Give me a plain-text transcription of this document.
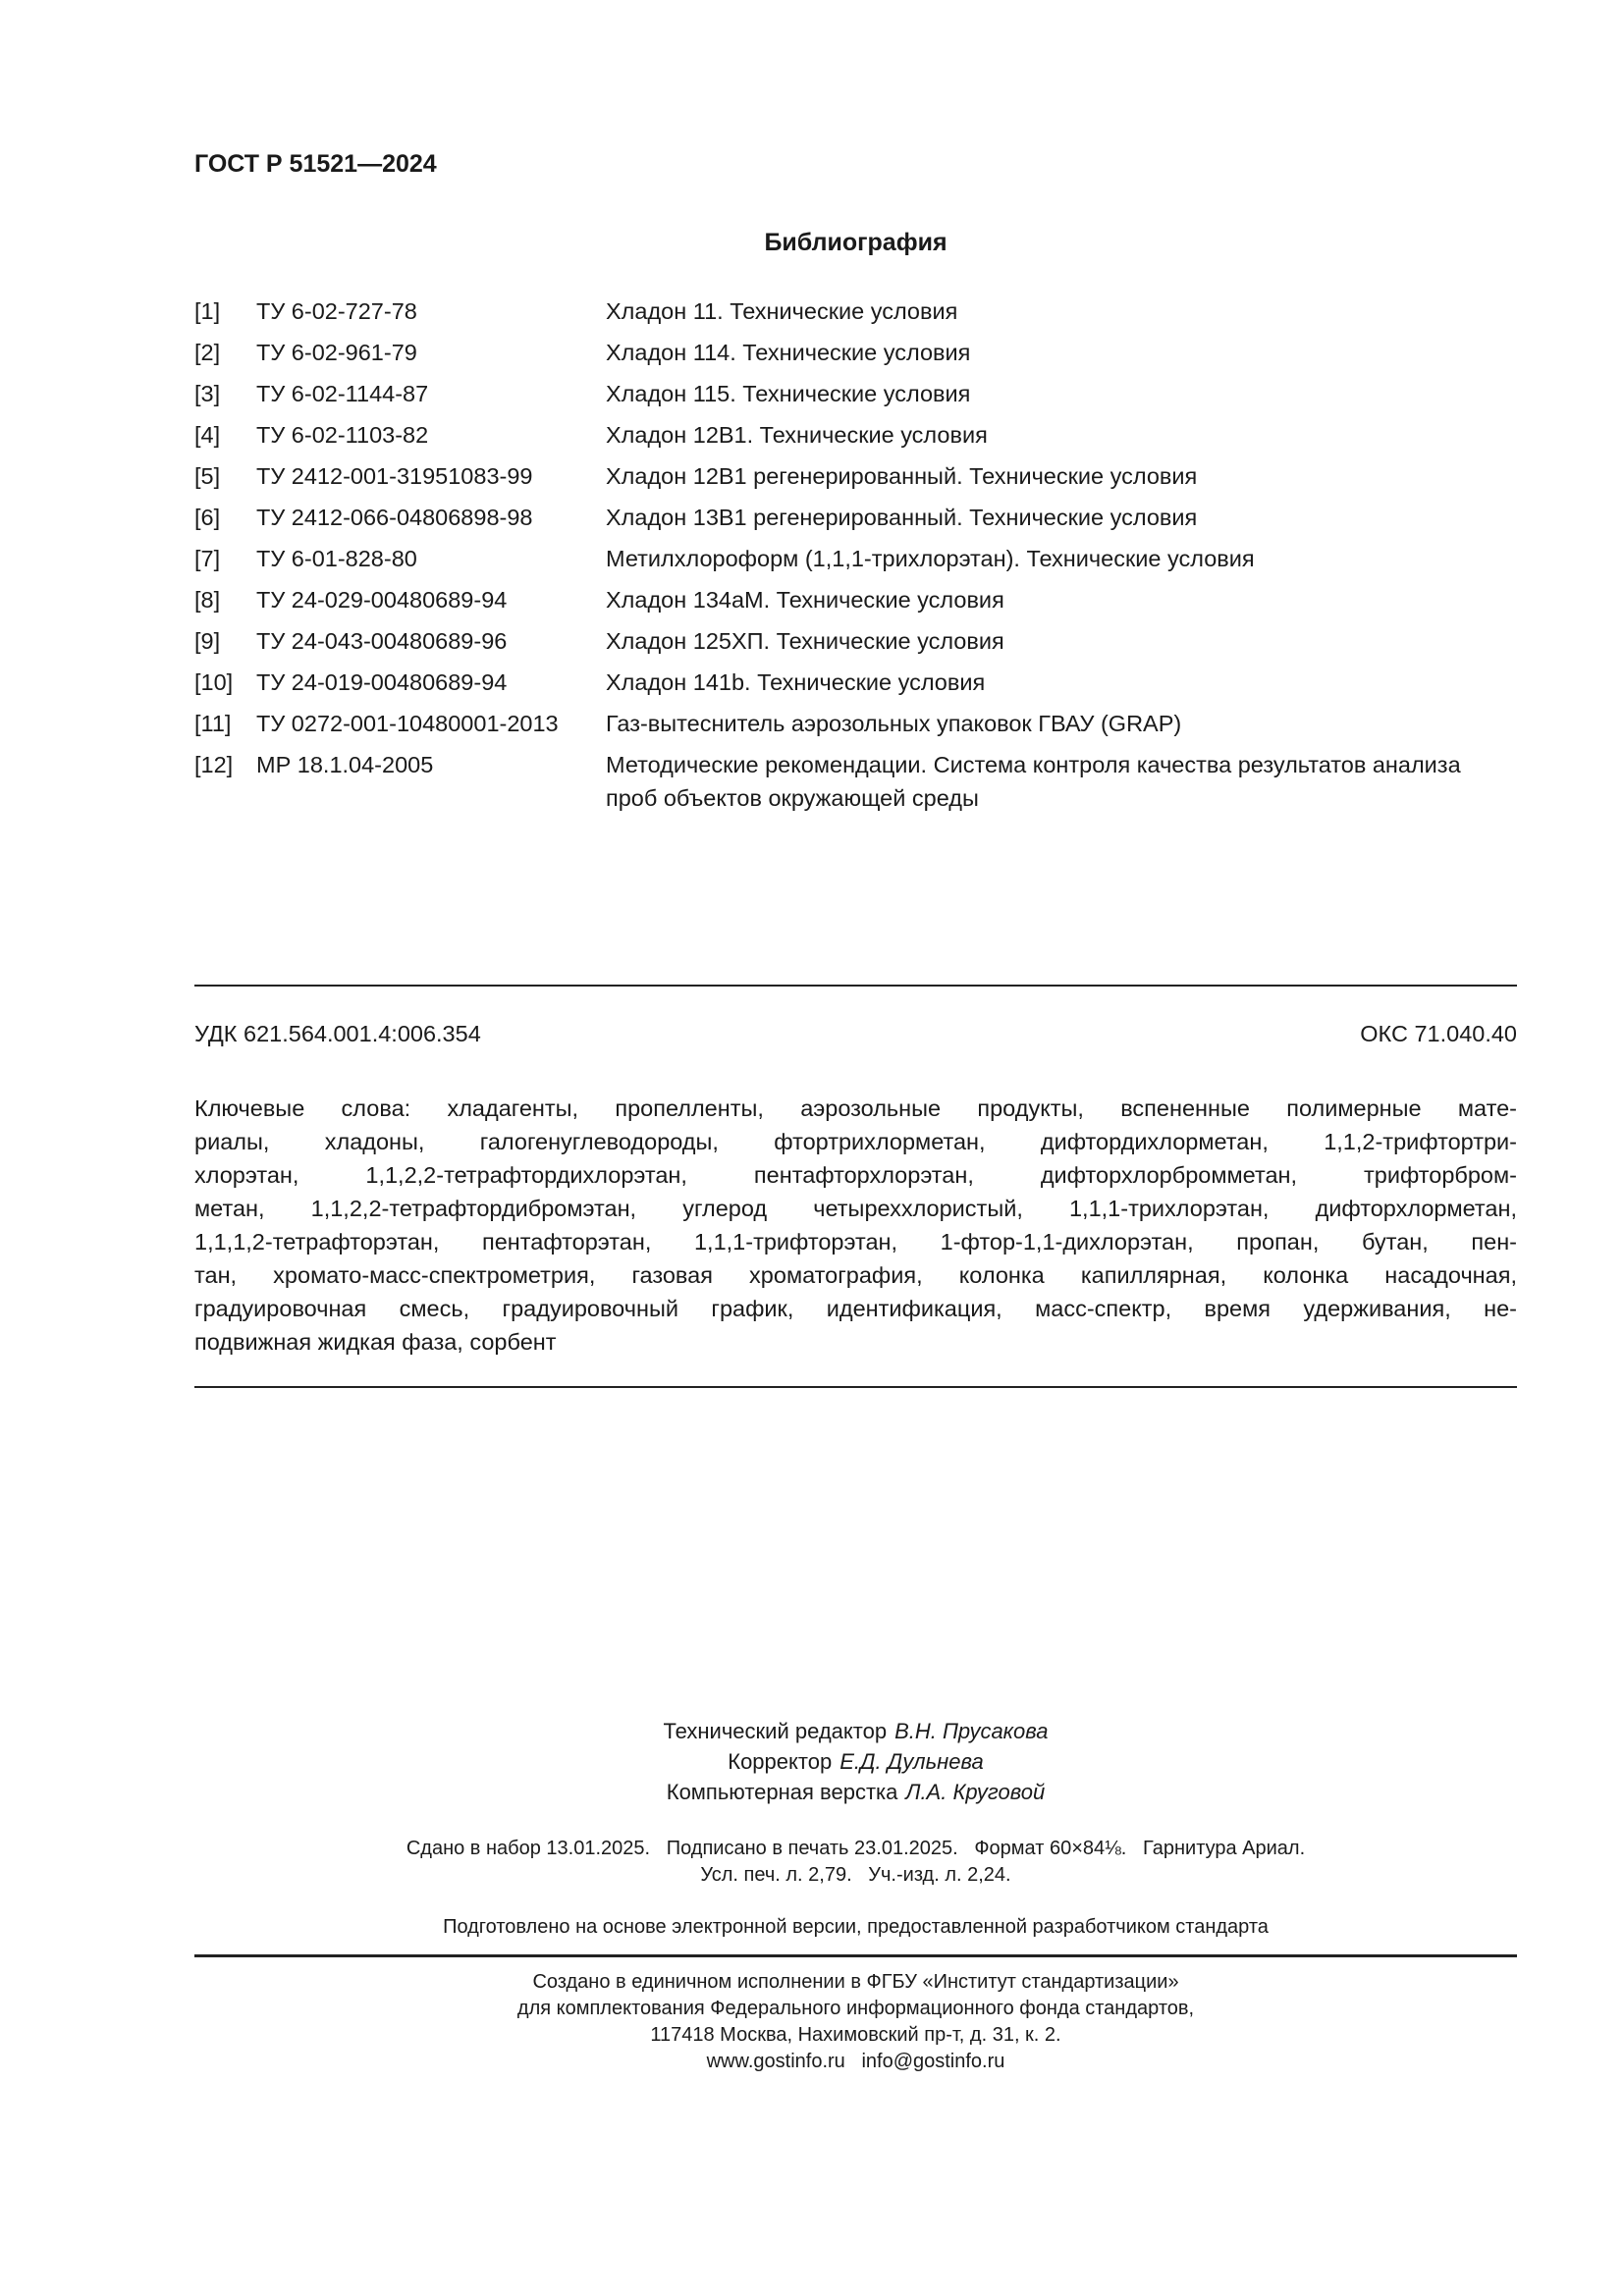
ГОСТ Р 51521—2024
Библиография
[1] ТУ 6-02-727-78	Хладон 11. Технические условия
[2] ТУ 6-02-961-79	Хладон 114. Технические условия
[3] ТУ 6-02-1144-87	Хладон 115. Технические условия
[4] ТУ 6-02-1103-82	Хладон 12В1. Технические условия
[5] ТУ 2412-001-31951083-99	Хладон 12В1 регенерированный. Технические условия
[6] ТУ 2412-066-04806898-98	Хладон 13В1 регенерированный. Технические условия
[7] ТУ 6-01-828-80	Метилхлороформ (1,1,1-трихлорэтан). Технические условия
[8] ТУ 24-029-00480689-94	Хладон 134аМ. Технические условия
[9] ТУ 24-043-00480689-96	Хладон 125ХП. Технические условия
[10] ТУ 24-019-00480689-94	Хладон 141b. Технические условия
[11] ТУ 0272-001-10480001-2013 Газ-вытеснитель аэрозольных упаковок ГВАУ (GRAP)
[12] МР 18.1.04-2005	Методические рекомендации. Система контроля качества результатов анализа проб объектов окружающей среды
УДК 621.564.001.4:006.354	ОКС 71.040.40
Ключевые слова: хладагенты, пропелленты, аэрозольные продукты, вспененные полимерные мате-
риалы, хладоны, галогенуглеводороды, фтортрихлорметан, дифтордихлорметан, 1,1,2-трифтортри-
хлорэтан, 1,1,2,2-тетрафтордихлорэтан, пентафторхлорэтан, дифторхлорбромметан, трифторбром-
метан, 1,1,2,2-тетрафтордибромэтан, углерод четыреххлористый, 1,1,1-трихлорэтан, дифторхлорметан,
1,1,1,2-тетрафторэтан, пентафторэтан, 1,1,1-трифторэтан, 1-фтор-1,1-дихлорэтан, пропан, бутан, пен-
тан, хромато-масс-спектрометрия, газовая хроматография, колонка капиллярная, колонка насадочная,
градуировочная смесь, градуировочный график, идентификация, масс-спектр, время удерживания, не-
подвижная жидкая фаза, сорбент
Технический редактор В.Н. Прусакова
Корректор Е.Д. Дульнева
Компьютерная верстка Л.А. Круговой
Сдано в набор 13.01.2025.   Подписано в печать 23.01.2025.   Формат 60×84⅛.   Гарнитура Ариал.
Усл. печ. л. 2,79.   Уч.-изд. л. 2,24.
Подготовлено на основе электронной версии, предоставленной разработчиком стандарта
Создано в единичном исполнении в ФГБУ «Институт стандартизации»
для комплектования Федерального информационного фонда стандартов,
117418 Москва, Нахимовский пр-т, д. 31, к. 2.
www.gostinfo.ru   info@gostinfo.ru
